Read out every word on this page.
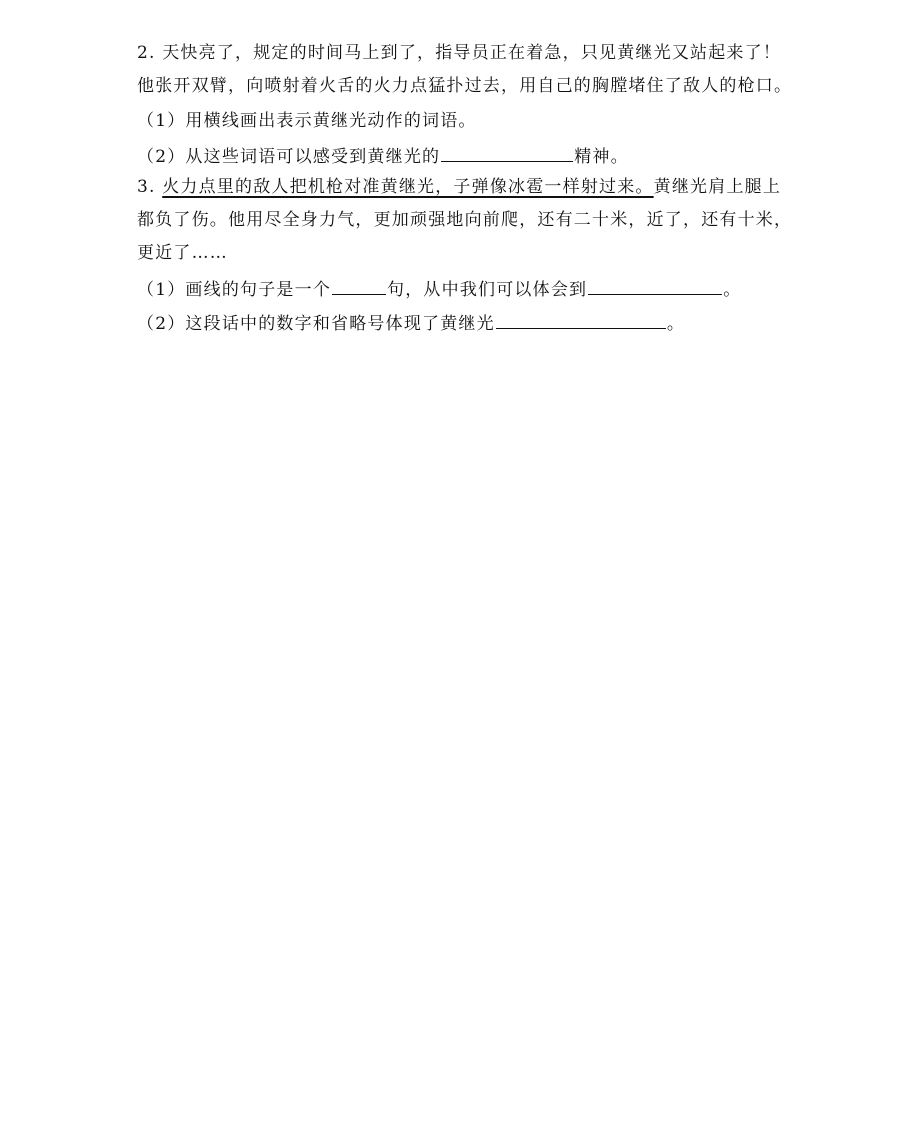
2. 天快亮了，规定的时间马上到了，指导员正在着急，只见黄继光又站起来了！
他张开双臂，向喷射着火舌的火力点猛扑过去，用自己的胸膛堵住了敌人的枪口。
（1）用横线画出表示黄继光动作的词语。
（2）从这些词语可以感受到黄继光的	精神。
3. 火力点里的敌人把机枪对准黄继光，子弹像冰雹一样射过来。黄继光肩上腿上
都负了伤。他用尽全身力气，更加顽强地向前爬，还有二十米，近了，还有十米，
更近了……
（1）画线的句子是一个	句，从中我们可以体会到	。
（2）这段话中的数字和省略号体现了黄继光	。
